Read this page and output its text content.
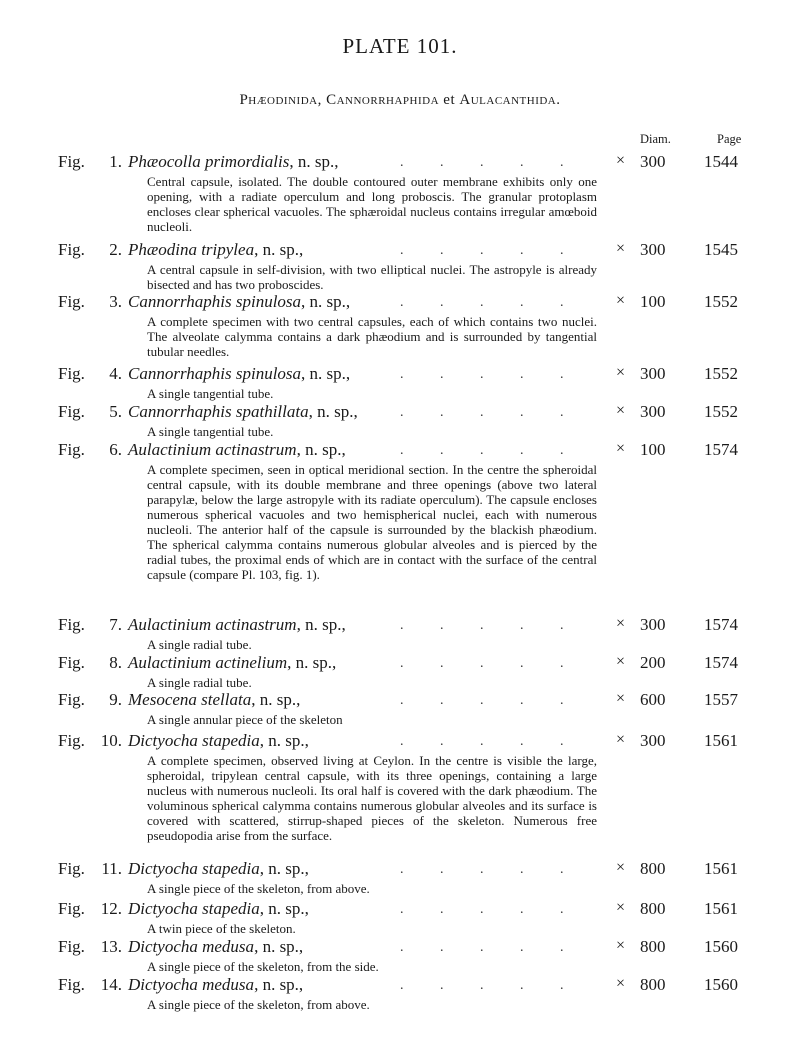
PLATE 101.
Phæodinida, Cannorrhaphida et Aulacanthida.
Diam.	Page
Fig.	1. Phæocolla primordialis, n. sp.,	.	.	.	.	.	× 300 1544
Central capsule, isolated. The double contoured outer membrane exhibits only one opening, with a radiate operculum and long proboscis. The granular protoplasm encloses clear spherical vacuoles. The sphæroidal nucleus contains irregular amœboid nucleoli.
Fig.	2. Phæodina tripylea, n. sp.,	.	.	.	.	.	× 300 1545
A central capsule in self-division, with two elliptical nuclei. The astropyle is already bisected and has two proboscides.
Fig.	3. Cannorrhaphis spinulosa, n. sp.,	.	.	.	.	.	× 100 1552
A complete specimen with two central capsules, each of which contains two nuclei. The alveolate calymma contains a dark phæodium and is surrounded by tangential tubular needles.
Fig.	4. Cannorrhaphis spinulosa, n. sp.,	.	.	.	.	.	× 300 1552
A single tangential tube.
Fig.	5. Cannorrhaphis spathillata, n. sp.,	.	.	.	.	.	× 300 1552
A single tangential tube.
Fig.	6. Aulactinium actinastrum, n. sp.,	.	.	.	.	.	× 100 1574
A complete specimen, seen in optical meridional section. In the centre the spheroidal central capsule, with its double membrane and three openings (above two lateral parapylæ, below the large astropyle with its radiate operculum). The capsule encloses numerous spherical vacuoles and two hemispherical nuclei, each with numerous nucleoli. The anterior half of the capsule is surrounded by the blackish phæodium. The spherical calymma contains numerous globular alveoles and is pierced by the radial tubes, the proximal ends of which are in contact with the surface of the central capsule (compare Pl. 103, fig. 1).
Fig.	7. Aulactinium actinastrum, n. sp.,	.	.	.	.	.	× 300 1574
A single radial tube.
Fig.	8. Aulactinium actinelium, n. sp.,	.	.	.	.	.	× 200 1574
A single radial tube.
Fig.	9. Mesocena stellata, n. sp.,	.	.	.	.	.	× 600 1557
A single annular piece of the skeleton
Fig. 10. Dictyocha stapedia, n. sp.,	.	.	.	.	.	× 300 1561
A complete specimen, observed living at Ceylon. In the centre is visible the large, spheroidal, tripylean central capsule, with its three openings, containing a large nucleus with numerous nucleoli. Its oral half is covered with the dark phæodium. The voluminous spherical calymma contains numerous globular alveoles and its surface is covered with scattered, stirrup-shaped pieces of the skeleton. Numerous free pseudopodia arise from the surface.
Fig. 11. Dictyocha stapedia, n. sp.,	.	.	.	.	.	× 800 1561
A single piece of the skeleton, from above.
Fig. 12. Dictyocha stapedia, n. sp.,	.	.	.	.	.	× 800 1561
A twin piece of the skeleton.
Fig. 13. Dictyocha medusa, n. sp.,	.	.	.	.	.	× 800 1560
A single piece of the skeleton, from the side.
Fig. 14. Dictyocha medusa, n. sp.,	.	.	.	.	.	× 800 1560
A single piece of the skeleton, from above.
